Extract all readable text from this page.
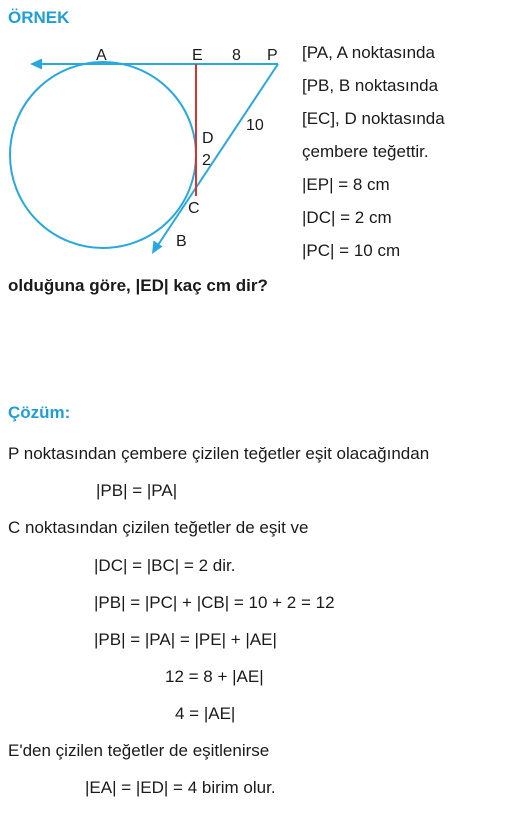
ÖRNEK
A	E 8 P
10
D
2
C
B
[PA, A noktasında
[PB, B noktasında
[EC], D noktasında
çembere teğettir.
|EP| = 8 cm
|DC| = 2 cm
|PC| = 10 cm
olduğuna göre, |ED| kaç cm dir?
Çözüm:
P noktasından çembere çizilen teğetler eşit olacağından
|PB| = |PA|
C noktasından çizilen teğetler de eşit ve
|DC| = |BC| = 2 dir.
|PB| = |PC| + |CB| = 10 + 2 = 12
|PB| = |PA| = |PE| + |AE|
12 = 8 + |AE|
4 = |AE|
E'den çizilen teğetler de eşitlenirse
|EA| = |ED| = 4 birim olur.
